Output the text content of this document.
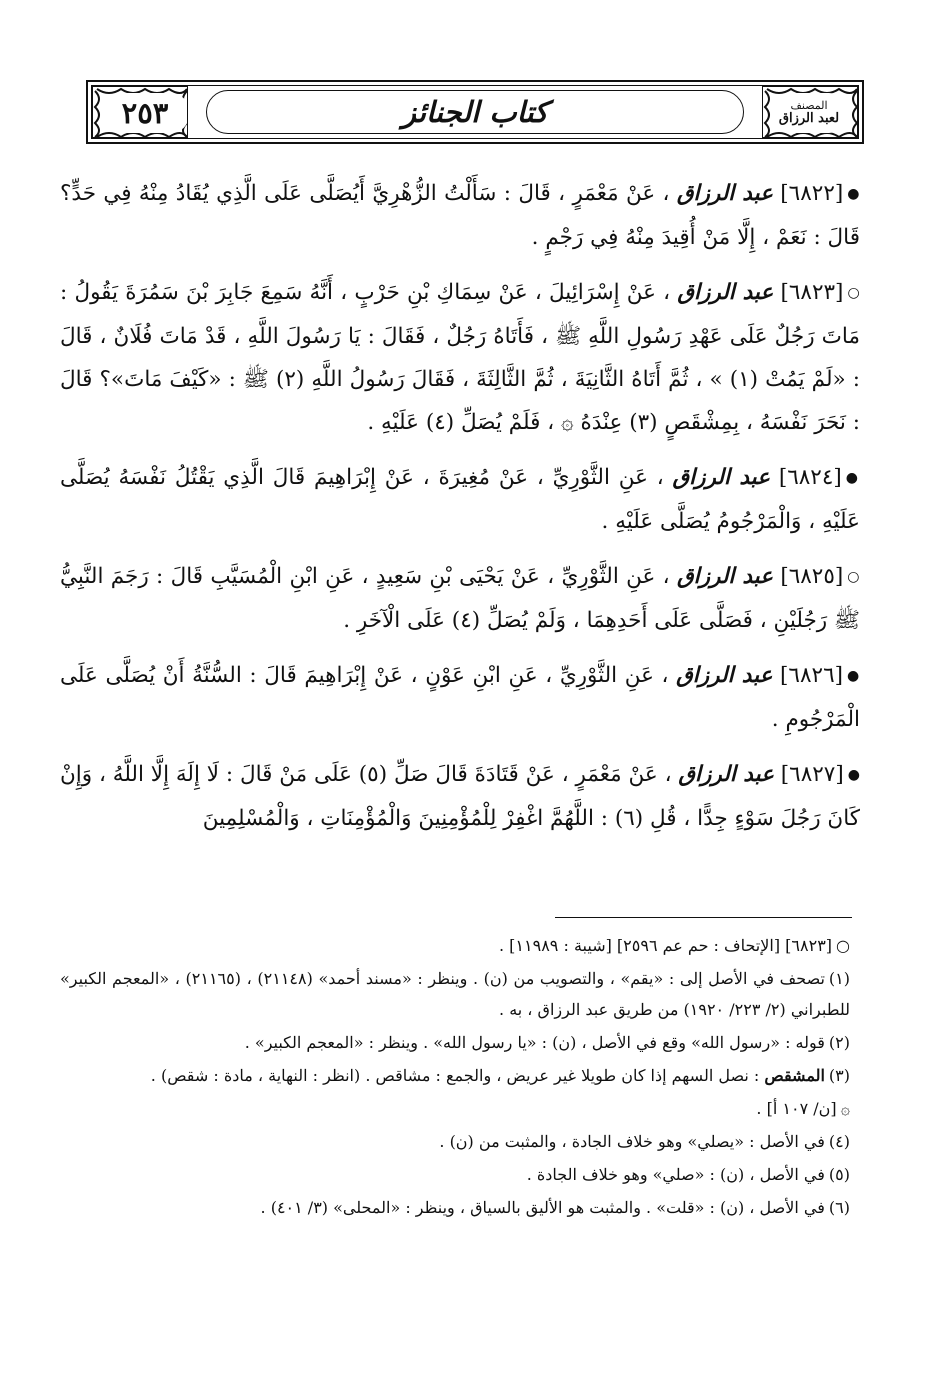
٢٥٣	كتاب الجنائز	المصنف
لعبد الرزاق

●[٦٨٢٢] عبد الرزاق ، عَنْ مَعْمَرٍ ، قَالَ : سَأَلْتُ الزُّهْرِيَّ أَيُصَلَّى عَلَى الَّذِي يُقَادُ مِنْهُ فِي حَدٍّ؟ قَالَ : نَعَمْ ، إِلَّا مَنْ أُقِيدَ مِنْهُ فِي رَجْمٍ .

○[٦٨٢٣] عبد الرزاق ، عَنْ إِسْرَائِيلَ ، عَنْ سِمَاكِ بْنِ حَرْبٍ ، أَنَّهُ سَمِعَ جَابِرَ بْنَ سَمُرَةَ يَقُولُ : مَاتَ رَجُلٌ عَلَى عَهْدِ رَسُولِ اللَّهِ ﷺ ، فَأَتَاهُ رَجُلٌ ، فَقَالَ : يَا رَسُولَ اللَّهِ ، قَدْ مَاتَ فُلَانٌ ، قَالَ : «لَمْ يَمُتْ (١) » ، ثُمَّ أَتَاهُ الثَّانِيَةَ ، ثُمَّ الثَّالِثَةَ ، فَقَالَ رَسُولُ اللَّهِ (٢) ﷺ : «كَيْفَ مَاتَ»؟ قَالَ : نَحَرَ نَفْسَهُ ، بِمِشْقَصٍ (٣) عِنْدَهُ ۞ ، فَلَمْ يُصَلِّ (٤) عَلَيْهِ .

●[٦٨٢٤] عبد الرزاق ، عَنِ الثَّوْرِيِّ ، عَنْ مُغِيرَةَ ، عَنْ إِبْرَاهِيمَ قَالَ الَّذِي يَقْتُلُ نَفْسَهُ يُصَلَّى عَلَيْهِ ، وَالْمَرْجُومُ يُصَلَّى عَلَيْهِ .

○[٦٨٢٥] عبد الرزاق ، عَنِ الثَّوْرِيِّ ، عَنْ يَحْيَى بْنِ سَعِيدٍ ، عَنِ ابْنِ الْمُسَيَّبِ قَالَ : رَجَمَ النَّبِيُّ ﷺ رَجُلَيْنِ ، فَصَلَّى عَلَى أَحَدِهِمَا ، وَلَمْ يُصَلِّ (٤) عَلَى الْآخَرِ .

●[٦٨٢٦] عبد الرزاق ، عَنِ الثَّوْرِيِّ ، عَنِ ابْنِ عَوْنٍ ، عَنْ إِبْرَاهِيمَ قَالَ : السُّنَّةُ أَنْ يُصَلَّى عَلَى الْمَرْجُومِ .

●[٦٨٢٧] عبد الرزاق ، عَنْ مَعْمَرٍ ، عَنْ قَتَادَةَ قَالَ صَلِّ (٥) عَلَى مَنْ قَالَ : لَا إِلَهَ إِلَّا اللَّهُ ، وَإِنْ كَانَ رَجُلَ سَوْءٍ جِدًّا ، قُلِ (٦) : اللَّهُمَّ اغْفِرْ لِلْمُؤْمِنِينَ وَالْمُؤْمِنَاتِ ، وَالْمُسْلِمِينَ

○[٦٨٢٣] [الإتحاف : حم عم ٢٥٩٦] [شيبة : ١١٩٨٩] .

(١)تصحف في الأصل إلى : «يقم» ، والتصويب من (ن) . وينظر : «مسند أحمد» (٢١١٤٨) ، (٢١١٦٥) ، «المعجم الكبير» للطبراني (٢/ ٢٢٣/ ١٩٢٠) من طريق عبد الرزاق ، به .

(٢)قوله : «رسول الله» وقع في الأصل ، (ن) : «يا رسول الله» . وينظر : «المعجم الكبير» .

(٣)المشقص : نصل السهم إذا كان طويلا غير عريض ، والجمع : مشاقص . (انظر : النهاية ، مادة : شقص) .

۞[ن/ ١٠٧ أ] .

(٤)في الأصل : «يصلي» وهو خلاف الجادة ، والمثبت من (ن) .

(٥)في الأصل ، (ن) : «صلي» وهو خلاف الجادة .

(٦)في الأصل ، (ن) : «قلت» . والمثبت هو الأليق بالسياق ، وينظر : «المحلى» (٣/ ٤٠١) .
